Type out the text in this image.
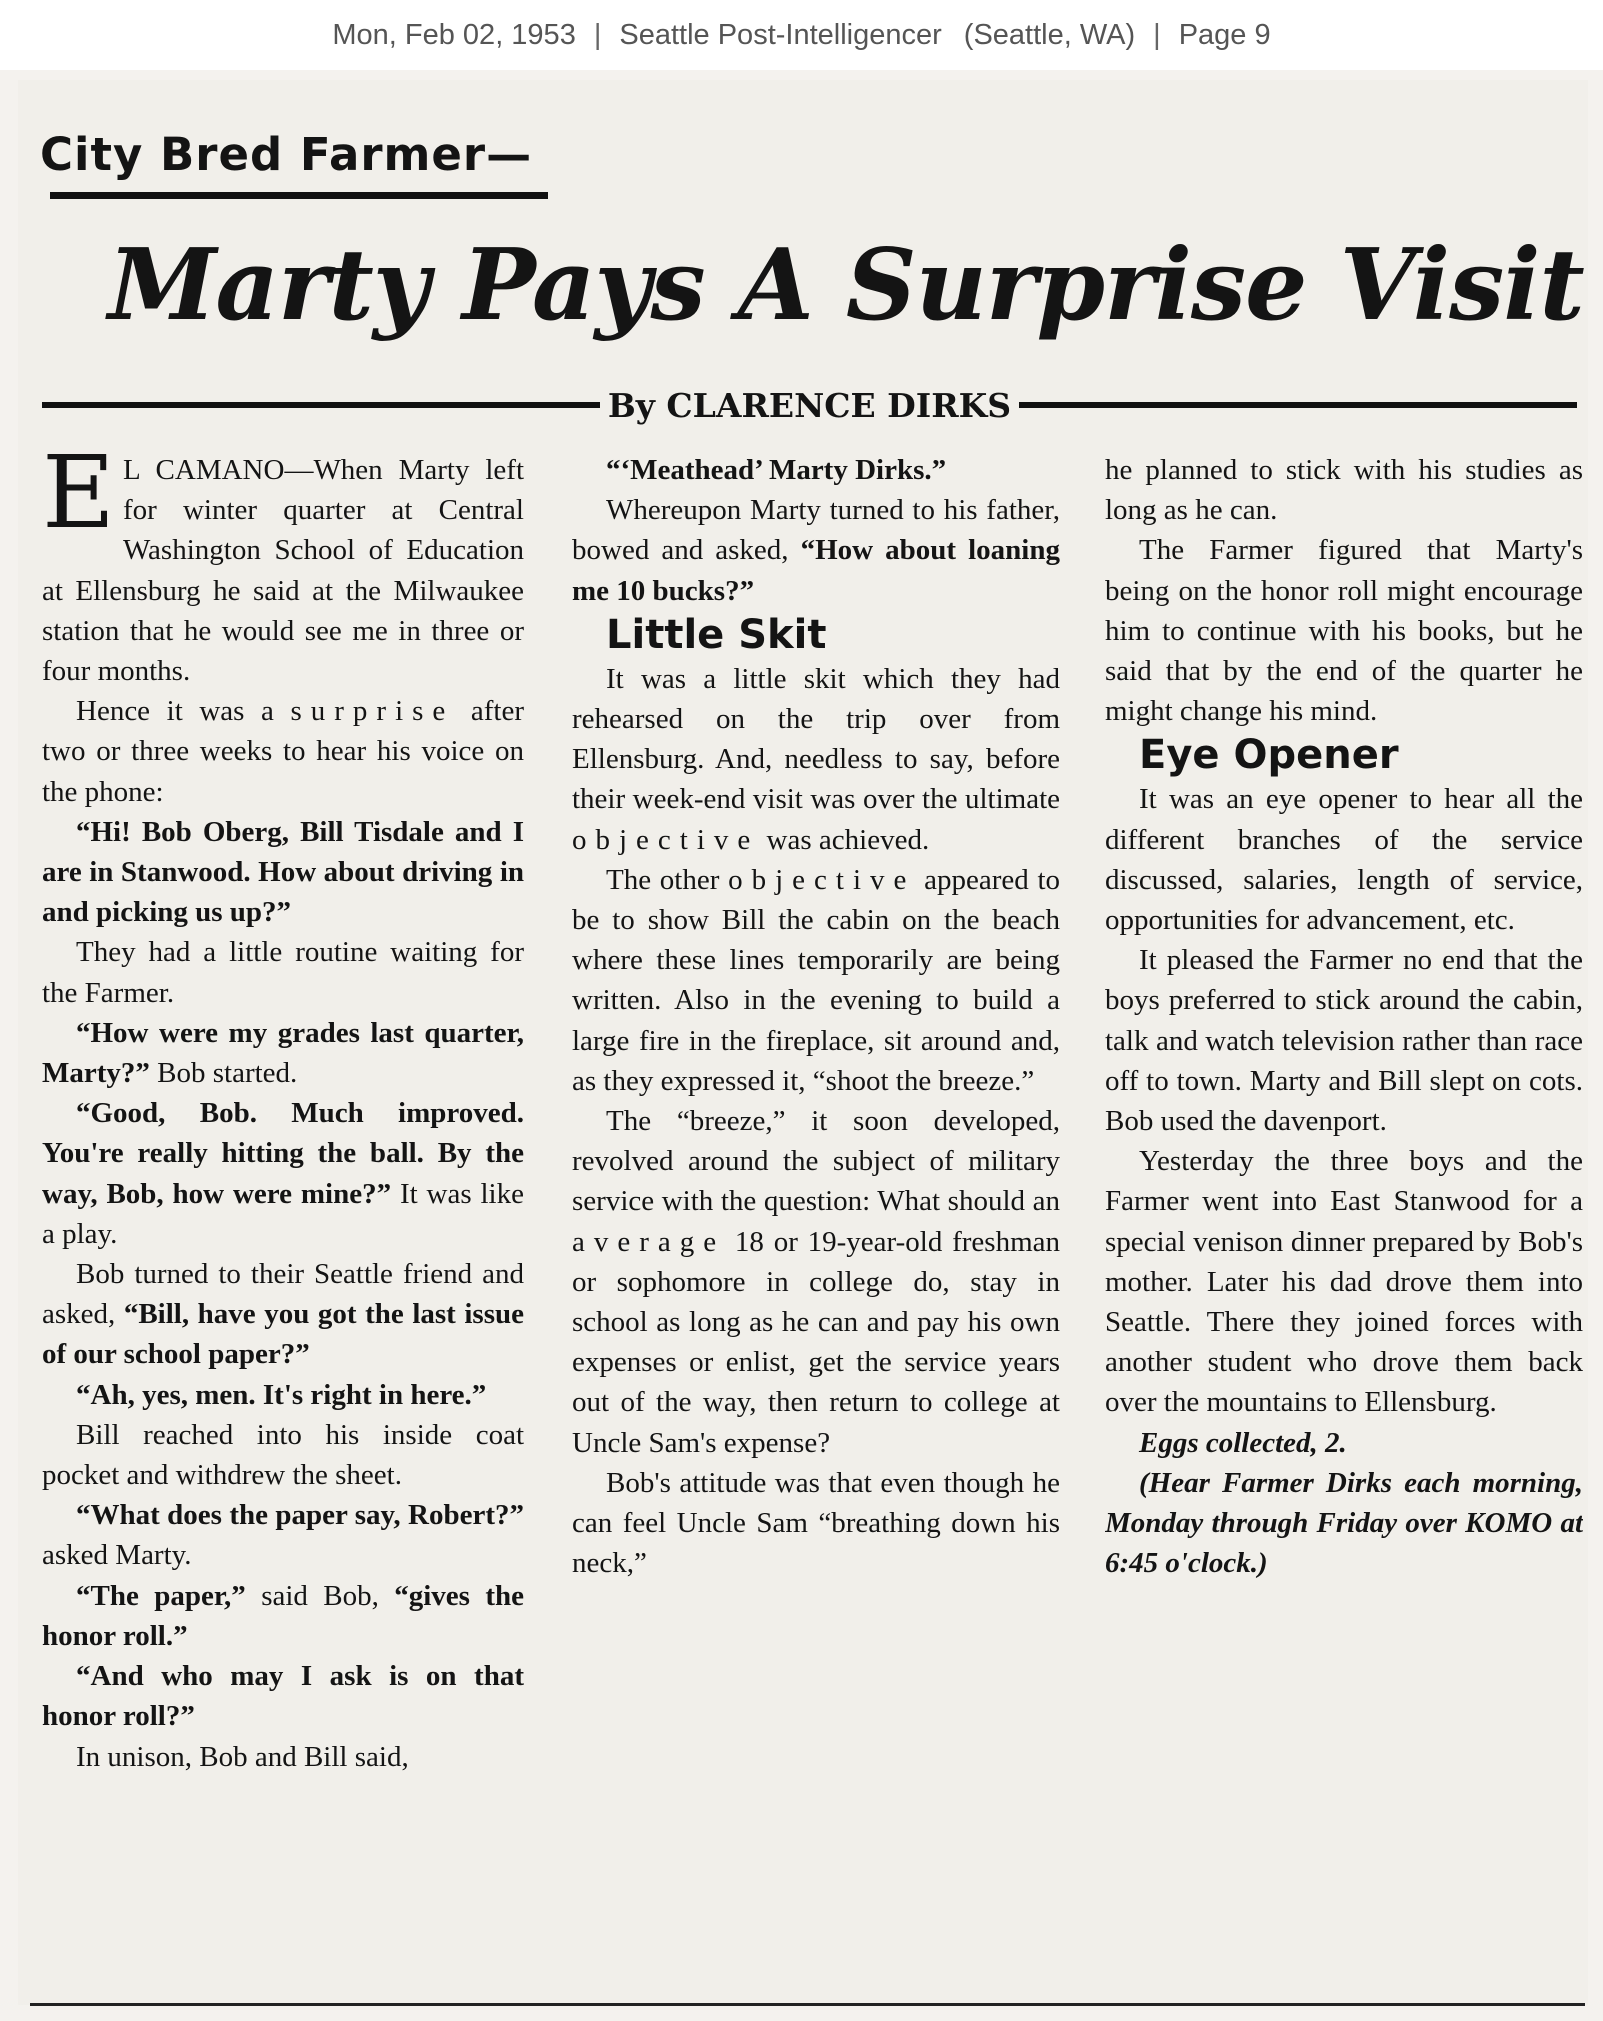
Mon, Feb 02, 1953 | Seattle Post-Intelligencer (Seattle, WA) | Page 9
City Bred Farmer—
Marty Pays A Surprise Visit
By CLARENCE DIRKS

E L CAMANO—When Marty left for winter quarter at Central Washington School of Education at Ellensburg he said at the Milwaukee station that he would see me in three or four months.

Hence it was a surprise after two or three weeks to hear his voice on the phone:

“Hi! Bob Oberg, Bill Tisdale and I are in Stanwood. How about driving in and picking us up?”

They had a little routine waiting for the Farmer.

“How were my grades last quarter, Marty?” Bob started.

“Good, Bob. Much improved. You're really hitting the ball. By the way, Bob, how were mine?” It was like a play.

Bob turned to their Seattle friend and asked, “Bill, have you got the last issue of our school paper?”

“Ah, yes, men. It's right in here.”

Bill reached into his inside coat pocket and withdrew the sheet.

“What does the paper say, Robert?” asked Marty.

“The paper,” said Bob, “gives the honor roll.”

“And who may I ask is on that honor roll?”

In unison, Bob and Bill said,

“‘Meathead’ Marty Dirks.”

Whereupon Marty turned to his father, bowed and asked, “How about loaning me 10 bucks?”

Little Skit

It was a little skit which they had rehearsed on the trip over from Ellensburg. And, needless to say, before their week-end visit was over the ultimate objective was achieved.

The other objective appeared to be to show Bill the cabin on the beach where these lines temporarily are being written. Also in the evening to build a large fire in the fireplace, sit around and, as they expressed it, “shoot the breeze.”

The “breeze,” it soon developed, revolved around the subject of military service with the question: What should an average 18 or 19-year-old freshman or sophomore in college do, stay in school as long as he can and pay his own expenses or enlist, get the service years out of the way, then return to college at Uncle Sam's expense?

Bob's attitude was that even though he can feel Uncle Sam “breathing down his neck,”

he planned to stick with his studies as long as he can.

The Farmer figured that Marty's being on the honor roll might encourage him to continue with his books, but he said that by the end of the quarter he might change his mind.

Eye Opener

It was an eye opener to hear all the different branches of the service discussed, salaries, length of service, opportunities for advancement, etc.

It pleased the Farmer no end that the boys preferred to stick around the cabin, talk and watch television rather than race off to town. Marty and Bill slept on cots. Bob used the davenport.

Yesterday the three boys and the Farmer went into East Stanwood for a special venison dinner prepared by Bob's mother. Later his dad drove them into Seattle. There they joined forces with another student who drove them back over the mountains to Ellensburg.

Eggs collected, 2.

(Hear Farmer Dirks each morning, Monday through Friday over KOMO at 6:45 o'clock.)
